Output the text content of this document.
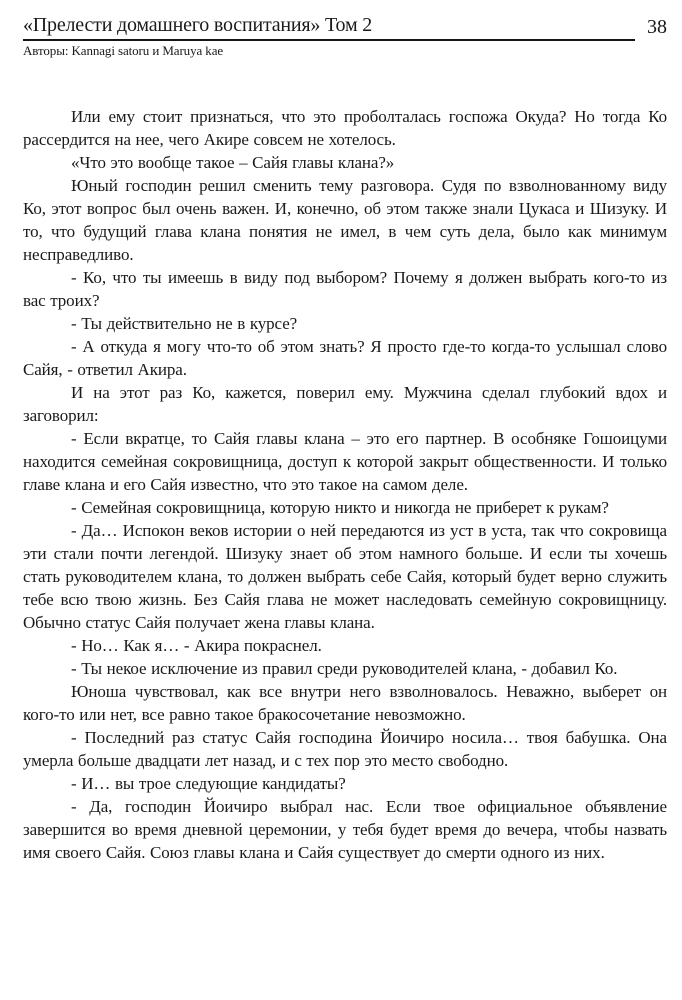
«Прелести домашнего воспитания» Том 2	38
Авторы: Kannagi satoru и Maruya kae

Или ему стоит признаться, что это проболталась госпожа Окуда? Но тогда Ко рассердится на нее, чего Акире совсем не хотелось.

«Что это вообще такое – Сайя главы клана?»

Юный господин решил сменить тему разговора. Судя по взволнованному виду Ко, этот вопрос был очень важен. И, конечно, об этом также знали Цукаса и Шизуку. И то, что будущий глава клана понятия не имел, в чем суть дела, было как минимум несправедливо.

- Ко, что ты имеешь в виду под выбором? Почему я должен выбрать кого-то из вас троих?

- Ты действительно не в курсе?

- А откуда я могу что-то об этом знать? Я просто где-то когда-то услышал слово Сайя, - ответил Акира.

И на этот раз Ко, кажется, поверил ему. Мужчина сделал глубокий вдох и заговорил:

- Если вкратце, то Сайя главы клана – это его партнер. В особняке Гошоицуми находится семейная сокровищница, доступ к которой закрыт общественности. И только главе клана и его Сайя известно, что это такое на самом деле.

- Семейная сокровищница, которую никто и никогда не приберет к рукам?

- Да… Испокон веков истории о ней передаются из уст в уста, так что сокровища эти стали почти легендой. Шизуку знает об этом намного больше. И если ты хочешь стать руководителем клана, то должен выбрать себе Сайя, который будет верно служить тебе всю твою жизнь. Без Сайя глава не может наследовать семейную сокровищницу. Обычно статус Сайя получает жена главы клана.

- Но… Как я… - Акира покраснел.

- Ты некое исключение из правил среди руководителей клана, - добавил Ко.

Юноша чувствовал, как все внутри него взволновалось. Неважно, выберет он кого-то или нет, все равно такое бракосочетание невозможно.

- Последний раз статус Сайя господина Йоичиро носила… твоя бабушка. Она умерла больше двадцати лет назад, и с тех пор это место свободно.

- И… вы трое следующие кандидаты?

- Да, господин Йоичиро выбрал нас. Если твое официальное объявление завершится во время дневной церемонии, у тебя будет время до вечера, чтобы назвать имя своего Сайя. Союз главы клана и Сайя существует до смерти одного из них.
